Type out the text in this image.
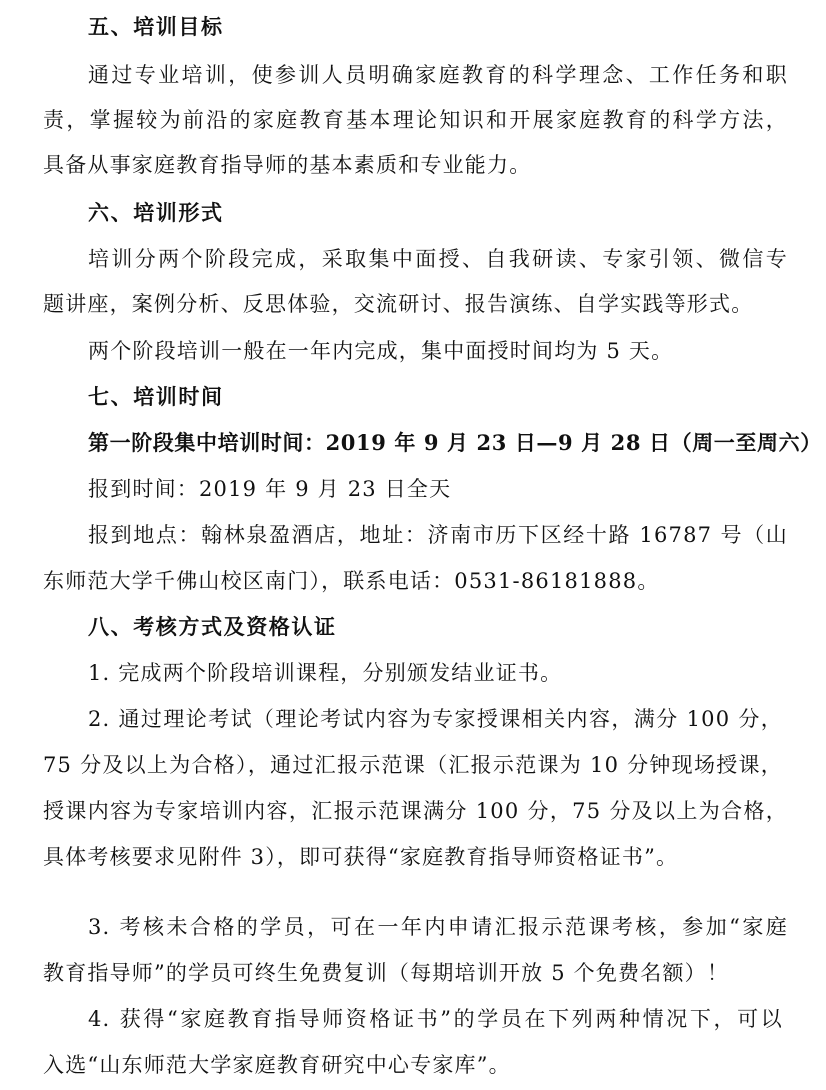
五、培训目标
通过专业培训，使参训人员明确家庭教育的科学理念、工作任务和职
责，掌握较为前沿的家庭教育基本理论知识和开展家庭教育的科学方法，
具备从事家庭教育指导师的基本素质和专业能力。
六、培训形式
培训分两个阶段完成，采取集中面授、自我研读、专家引领、微信专
题讲座，案例分析、反思体验，交流研讨、报告演练、自学实践等形式。
两个阶段培训一般在一年内完成，集中面授时间均为 5 天。
七、培训时间
第一阶段集中培训时间：2019 年 9 月 23 日—9 月 28 日（周一至周六）
报到时间：2019 年 9 月 23 日全天
报到地点：翰林泉盈酒店，地址：济南市历下区经十路 16787 号（山
东师范大学千佛山校区南门），联系电话：0531-86181888。
八、考核方式及资格认证
1. 完成两个阶段培训课程，分别颁发结业证书。
2. 通过理论考试（理论考试内容为专家授课相关内容，满分 100 分，
75 分及以上为合格），通过汇报示范课（汇报示范课为 10 分钟现场授课，
授课内容为专家培训内容，汇报示范课满分 100 分，75 分及以上为合格，
具体考核要求见附件 3），即可获得“家庭教育指导师资格证书”。
3. 考核未合格的学员，可在一年内申请汇报示范课考核，参加“家庭
教育指导师”的学员可终生免费复训（每期培训开放 5 个免费名额）！
4. 获得“家庭教育指导师资格证书”的学员在下列两种情况下，可以
入选“山东师范大学家庭教育研究中心专家库”。
